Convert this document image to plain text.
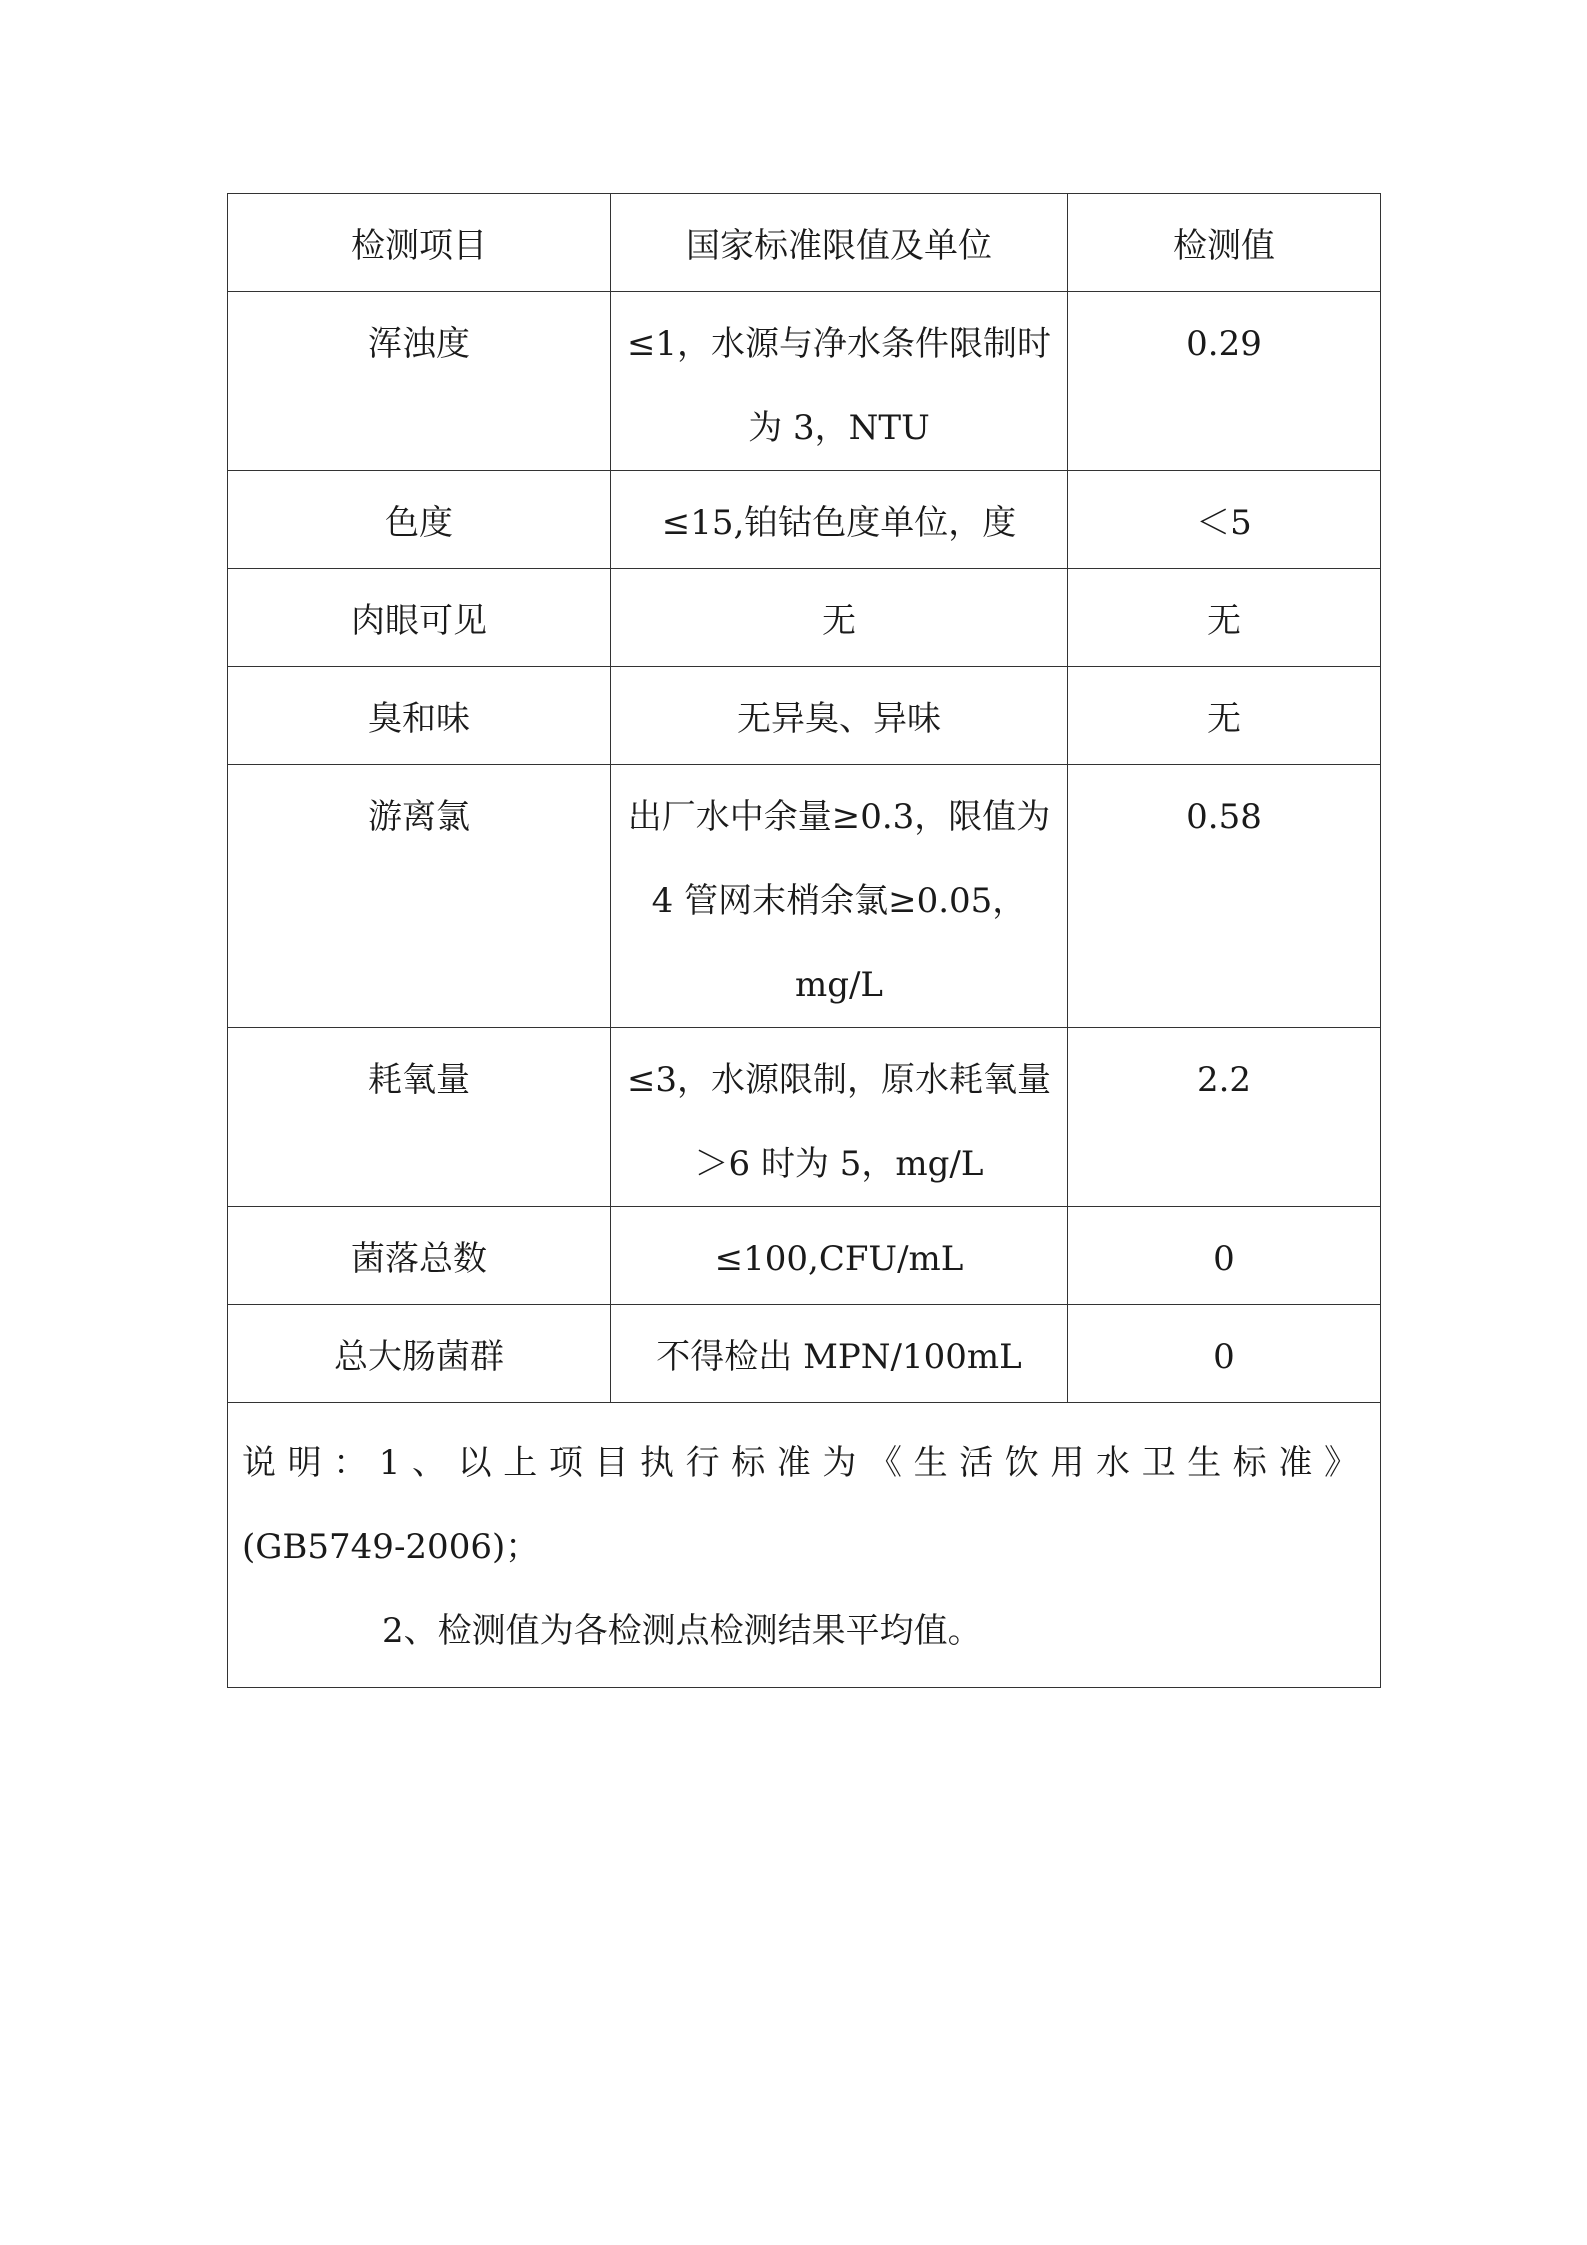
检测项目	国家标准限值及单位	检测值

浑浊度	≤1，水源与净水条件限制时为 3，NTU	0.29

色度	≤15,铂钴色度单位，度	＜5

肉眼可见	无	无

臭和味	无异臭、异味	无

游离氯	出厂水中余量≥0.3，限值为 4 管网末梢余氯≥0.05，mg/L	0.58

耗氧量	≤3，水源限制，原水耗氧量＞6 时为 5，mg/L	2.2

菌落总数	≤100,CFU/mL	0

总大肠菌群	不得检出 MPN/100mL	0

说明：1、以上项目执行标准为《生活饮用水卫生标准》
(GB5749-2006)；
2、检测值为各检测点检测结果平均值。		
